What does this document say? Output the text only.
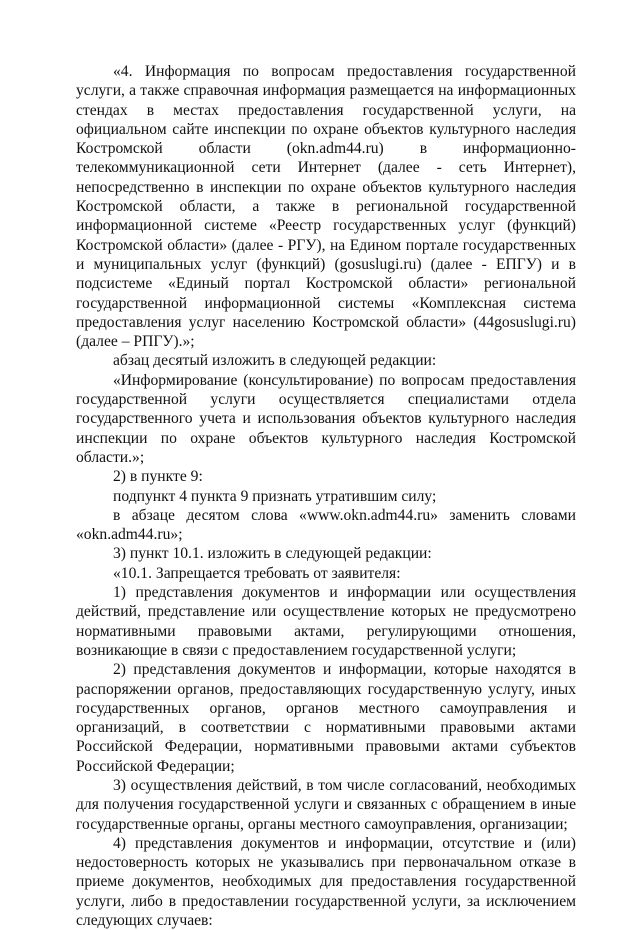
«4. Информация по вопросам предоставления государственной услуги, а также справочная информация размещается на информационных стендах в местах предоставления государственной услуги, на официальном сайте инспекции по охране объектов культурного наследия Костромской области (okn.adm44.ru) в информационно-телекоммуникационной сети Интернет (далее - сеть Интернет), непосредственно в инспекции по охране объектов культурного наследия Костромской области, а также в региональной государственной информационной системе «Реестр государственных услуг (функций) Костромской области» (далее - РГУ), на Едином портале государственных и муниципальных услуг (функций) (gosuslugi.ru) (далее - ЕПГУ) и в подсистеме «Единый портал Костромской области» региональной государственной информационной системы «Комплексная система предоставления услуг населению Костромской области» (44gosuslugi.ru) (далее – РПГУ).»;

абзац десятый изложить в следующей редакции:

«Информирование (консультирование) по вопросам предоставления государственной услуги осуществляется специалистами отдела государственного учета и использования объектов культурного наследия инспекции по охране объектов культурного наследия Костромской области.»;

2) в пункте 9:

подпункт 4 пункта 9 признать утратившим силу;

в абзаце десятом слова «www.okn.adm44.ru» заменить словами «okn.adm44.ru»;

3) пункт 10.1. изложить в следующей редакции:

«10.1. Запрещается требовать от заявителя:

1) представления документов и информации или осуществления действий, представление или осуществление которых не предусмотрено нормативными правовыми актами, регулирующими отношения, возникающие в связи с предоставлением государственной услуги;

2) представления документов и информации, которые находятся в распоряжении органов, предоставляющих государственную услугу, иных государственных органов, органов местного самоуправления и организаций, в соответствии с нормативными правовыми актами Российской Федерации, нормативными правовыми актами субъектов Российской Федерации;

3) осуществления действий, в том числе согласований, необходимых для получения государственной услуги и связанных с обращением в иные государственные органы, органы местного самоуправления, организации;

4) представления документов и информации, отсутствие и (или) недостоверность которых не указывались при первоначальном отказе в приеме документов, необходимых для предоставления государственной услуги, либо в предоставлении государственной услуги, за исключением следующих случаев:
